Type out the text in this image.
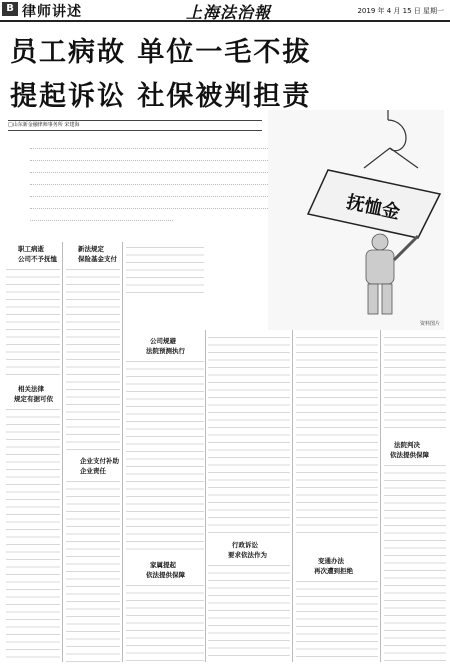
B 律师讲述	上海法治報	2019 年 4 月 15 日 星期一
员工病故 单位一毛不拔
提起诉讼 社保被判担责
□山东新金融律师事务所 宋建海
抚恤金
资料图片
职工病逝
公司不予抚恤
相关法律
规定有据可依
新法规定
保险基金支付
企业支付补助
企业责任
公司规避
法院预测执行
家属提起
依法提供保障
行政诉讼
要求依法作为
变通办法
再次遭到拒绝
法院判决
依法提供保障
